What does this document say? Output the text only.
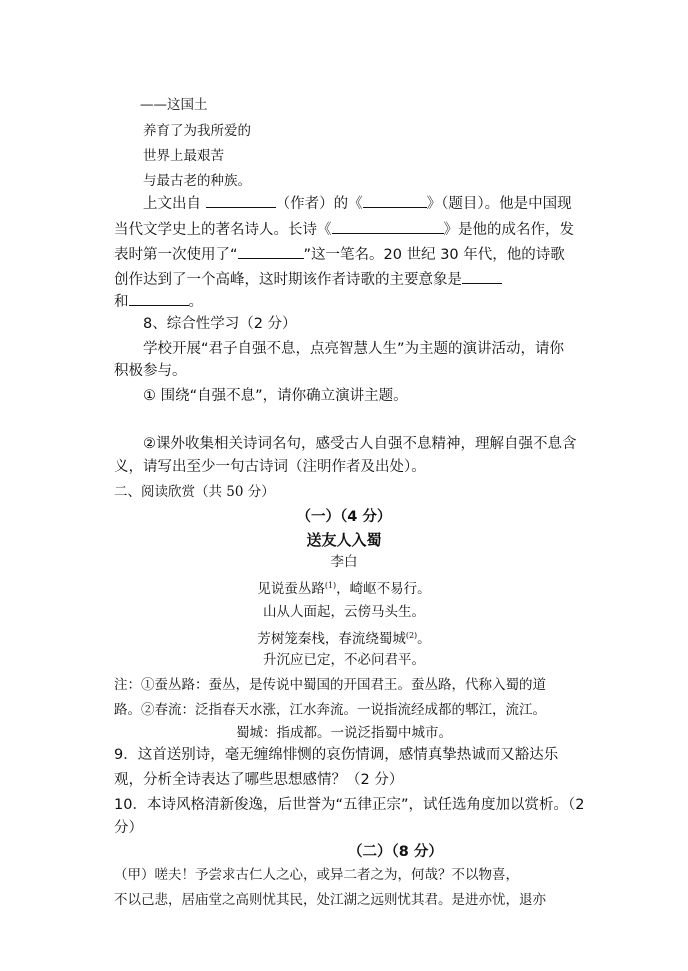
——这国土
养育了为我所爱的
世界上最艰苦
与最古老的种族。
上文出自	（作者）的《	》（题目）。他是中国现
当代文学史上的著名诗人。长诗《	》是他的成名作，发
表时第一次使用了“	”这一笔名。20 世纪 30 年代，他的诗歌
创作达到了一个高峰，这时期该作者诗歌的主要意象是
和	。
8、综合性学习（2 分）
学校开展“君子自强不息，点亮智慧人生”为主题的演讲活动，请你
积极参与。
① 围绕“自强不息”，请你确立演讲主题。
②课外收集相关诗词名句，感受古人自强不息精神，理解自强不息含
义，请写出至少一句古诗词（注明作者及出处）。
二、阅读欣赏（共 50 分）
（一）（4 分）
送友人入蜀
李白
见说蚕丛路$^{(1)}$，崎岖不易行。
山从人面起，云傍马头生。
芳树笼秦栈，春流绕蜀城$^{(2)}$。
升沉应已定，不必问君平。
注：①蚕丛路：蚕丛，是传说中蜀国的开国君王。蚕丛路，代称入蜀的道
路。②春流：泛指春天水涨，江水奔流。一说指流经成都的郫江，流江。
蜀城：指成都。一说泛指蜀中城市。
9．这首送别诗，毫无缠绵悱恻的哀伤情调，感情真挚热诚而又豁达乐
观，分析全诗表达了哪些思想感情？（2 分）
10．本诗风格清新俊逸，后世誉为“五律正宗”，试任选角度加以赏析。（2
分）
（二）（8 分）
（甲）嗟夫！予尝求古仁人之心，或异二者之为，何哉？不以物喜，
不以己悲，居庙堂之高则忧其民，处江湖之远则忧其君。是进亦忧，退亦
